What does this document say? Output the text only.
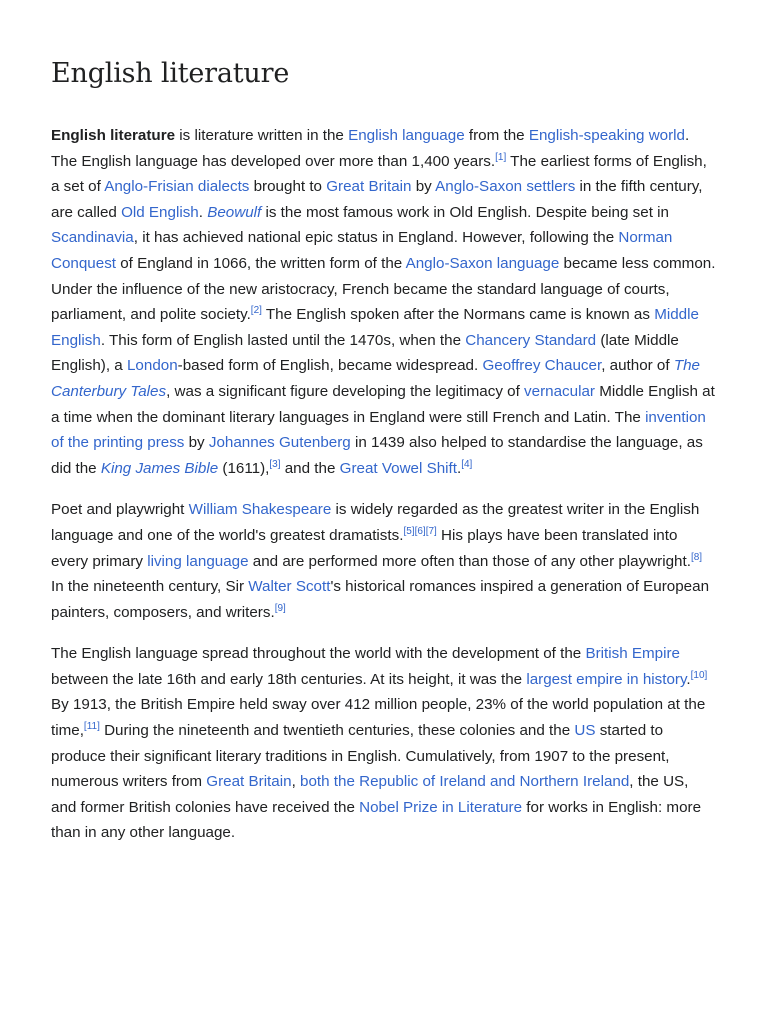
English literature

English literature is literature written in the English language from the English-speaking world. The English language has developed over more than 1,400 years.[1] The earliest forms of English, a set of Anglo-Frisian dialects brought to Great Britain by Anglo-Saxon settlers in the fifth century, are called Old English. Beowulf is the most famous work in Old English. Despite being set in Scandinavia, it has achieved national epic status in England. However, following the Norman Conquest of England in 1066, the written form of the Anglo-Saxon language became less common. Under the influence of the new aristocracy, French became the standard language of courts, parliament, and polite society.[2] The English spoken after the Normans came is known as Middle English. This form of English lasted until the 1470s, when the Chancery Standard (late Middle English), a London-based form of English, became widespread. Geoffrey Chaucer, author of The Canterbury Tales, was a significant figure developing the legitimacy of vernacular Middle English at a time when the dominant literary languages in England were still French and Latin. The invention of the printing press by Johannes Gutenberg in 1439 also helped to standardise the language, as did the King James Bible (1611),[3] and the Great Vowel Shift.[4]

Poet and playwright William Shakespeare is widely regarded as the greatest writer in the English language and one of the world's greatest dramatists.[5][6][7] His plays have been translated into every primary living language and are performed more often than those of any other playwright.[8] In the nineteenth century, Sir Walter Scott's historical romances inspired a generation of European painters, composers, and writers.[9]

The English language spread throughout the world with the development of the British Empire between the late 16th and early 18th centuries. At its height, it was the largest empire in history.[10] By 1913, the British Empire held sway over 412 million people, 23% of the world population at the time,[11] During the nineteenth and twentieth centuries, these colonies and the US started to produce their significant literary traditions in English. Cumulatively, from 1907 to the present, numerous writers from Great Britain, both the Republic of Ireland and Northern Ireland, the US, and former British colonies have received the Nobel Prize in Literature for works in English: more than in any other language.
